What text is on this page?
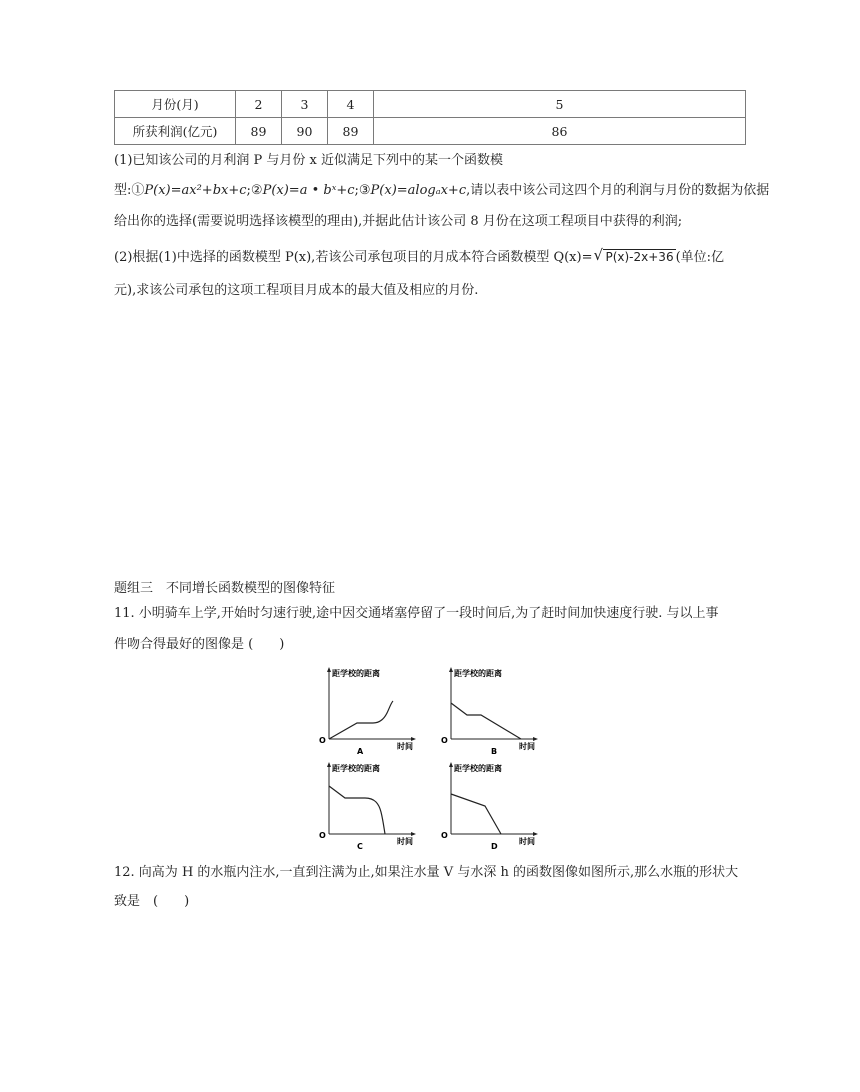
月份(月)	2	3	4	5
所获利润(亿元)	89	90	89	86
(1)已知该公司的月利润 P 与月份 x 近似满足下列中的某一个函数模
型:①P(x)=ax²+bx+c;②P(x)=a • bˣ+c;③P(x)=alogₐx+c,请以表中该公司这四个月的利润与月份的数据为依据
给出你的选择(需要说明选择该模型的理由),并据此估计该公司 8 月份在这项工程项目中获得的利润;
(2)根据(1)中选择的函数模型 P(x),若该公司承包项目的月成本符合函数模型 Q(x)= √ P(x)-2x+36 (单位:亿
元),求该公司承包的这项工程项目月成本的最大值及相应的月份.
题组三　不同增长函数模型的图像特征
11. 小明骑车上学,开始时匀速行驶,途中因交通堵塞停留了一段时间后,为了赶时间加快速度行驶. 与以上事
件吻合得最好的图像是 (　　)
距学校的距离
O
时间
A
距学校的距离
O
时间
B
距学校的距离
O
时间
C
距学校的距离
O
时间
D
12. 向高为 H 的水瓶内注水,一直到注满为止,如果注水量 V 与水深 h 的函数图像如图所示,那么水瓶的形状大
致是　(　　)
